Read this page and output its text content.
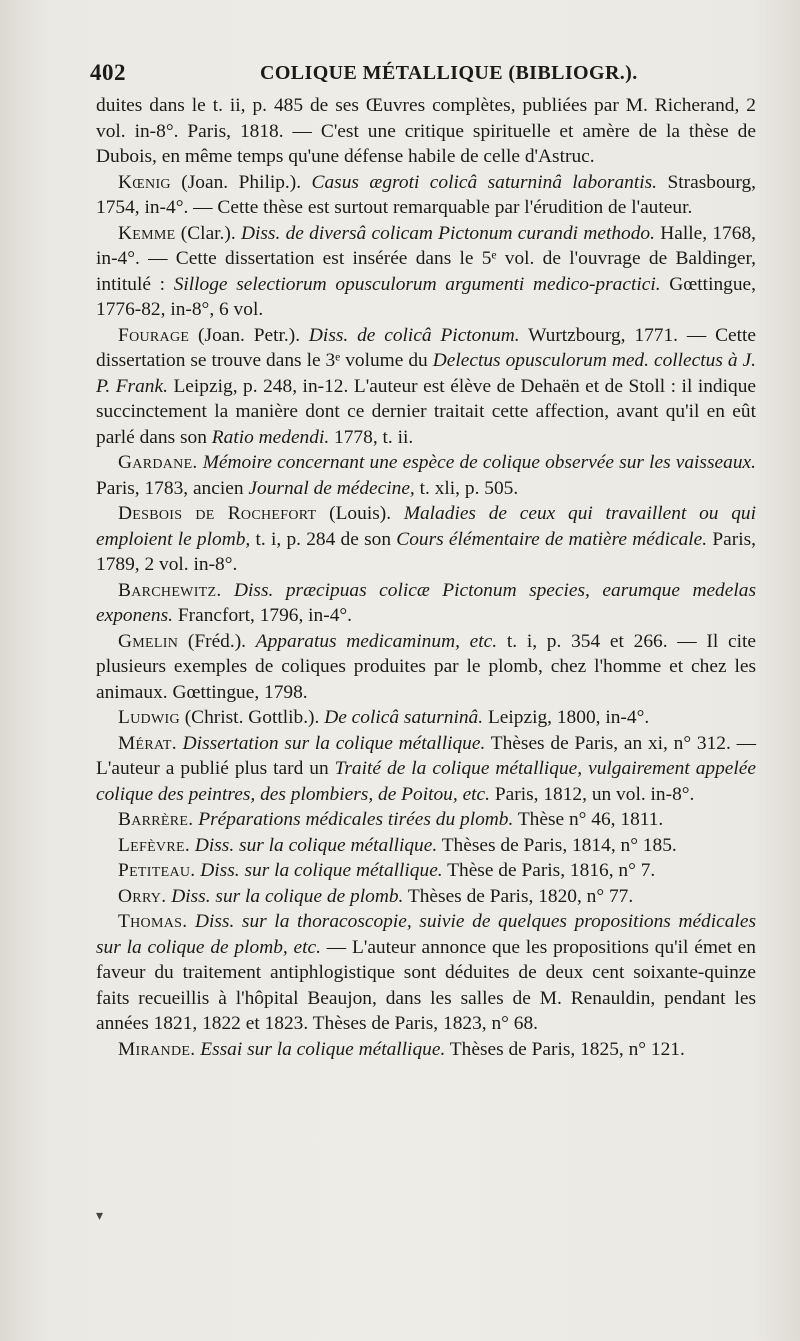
402	COLIQUE MÉTALLIQUE (BIBLIOGR.).

duites dans le t. ii, p. 485 de ses Œuvres complètes, publiées par M. Richerand, 2 vol. in-8°. Paris, 1818. — C'est une critique spirituelle et amère de la thèse de Dubois, en même temps qu'une défense habile de celle d'Astruc.

Kœnig (Joan. Philip.). Casus ægroti colicâ saturninâ laborantis. Strasbourg, 1754, in-4°. — Cette thèse est surtout remarquable par l'érudition de l'auteur.

Kemme (Clar.). Diss. de diversâ colicam Pictonum curandi methodo. Halle, 1768, in-4°. — Cette dissertation est insérée dans le 5ᵉ vol. de l'ouvrage de Baldinger, intitulé : Silloge selectiorum opusculorum argumenti medico-practici. Gœttingue, 1776-82, in-8°, 6 vol.

Fourage (Joan. Petr.). Diss. de colicâ Pictonum. Wurtzbourg, 1771. — Cette dissertation se trouve dans le 3ᵉ volume du Delectus opusculorum med. collectus à J. P. Frank. Leipzig, p. 248, in-12. L'auteur est élève de Dehaën et de Stoll : il indique succinctement la manière dont ce dernier traitait cette affection, avant qu'il en eût parlé dans son Ratio medendi. 1778, t. ii.

Gardane. Mémoire concernant une espèce de colique observée sur les vaisseaux. Paris, 1783, ancien Journal de médecine, t. xli, p. 505.

Desbois de Rochefort (Louis). Maladies de ceux qui travaillent ou qui emploient le plomb, t. i, p. 284 de son Cours élémentaire de matière médicale. Paris, 1789, 2 vol. in-8°.

Barchewitz. Diss. præcipuas colicæ Pictonum species, earumque medelas exponens. Francfort, 1796, in-4°.

Gmelin (Fréd.). Apparatus medicaminum, etc. t. i, p. 354 et 266. — Il cite plusieurs exemples de coliques produites par le plomb, chez l'homme et chez les animaux. Gœttingue, 1798.

Ludwig (Christ. Gottlib.). De colicâ saturninâ. Leipzig, 1800, in-4°.

Mérat. Dissertation sur la colique métallique. Thèses de Paris, an xi, n° 312. — L'auteur a publié plus tard un Traité de la colique métallique, vulgairement appelée colique des peintres, des plombiers, de Poitou, etc. Paris, 1812, un vol. in-8°.

Barrère. Préparations médicales tirées du plomb. Thèse n° 46, 1811.

Lefèvre. Diss. sur la colique métallique. Thèses de Paris, 1814, n° 185.

Petiteau. Diss. sur la colique métallique. Thèse de Paris, 1816, n° 7.

Orry. Diss. sur la colique de plomb. Thèses de Paris, 1820, n° 77.

Thomas. Diss. sur la thoracoscopie, suivie de quelques propositions médicales sur la colique de plomb, etc. — L'auteur annonce que les propositions qu'il émet en faveur du traitement antiphlogistique sont déduites de deux cent soixante-quinze faits recueillis à l'hôpital Beaujon, dans les salles de M. Renauldin, pendant les années 1821, 1822 et 1823. Thèses de Paris, 1823, n° 68.

Mirande. Essai sur la colique métallique. Thèses de Paris, 1825, n° 121.

▾
